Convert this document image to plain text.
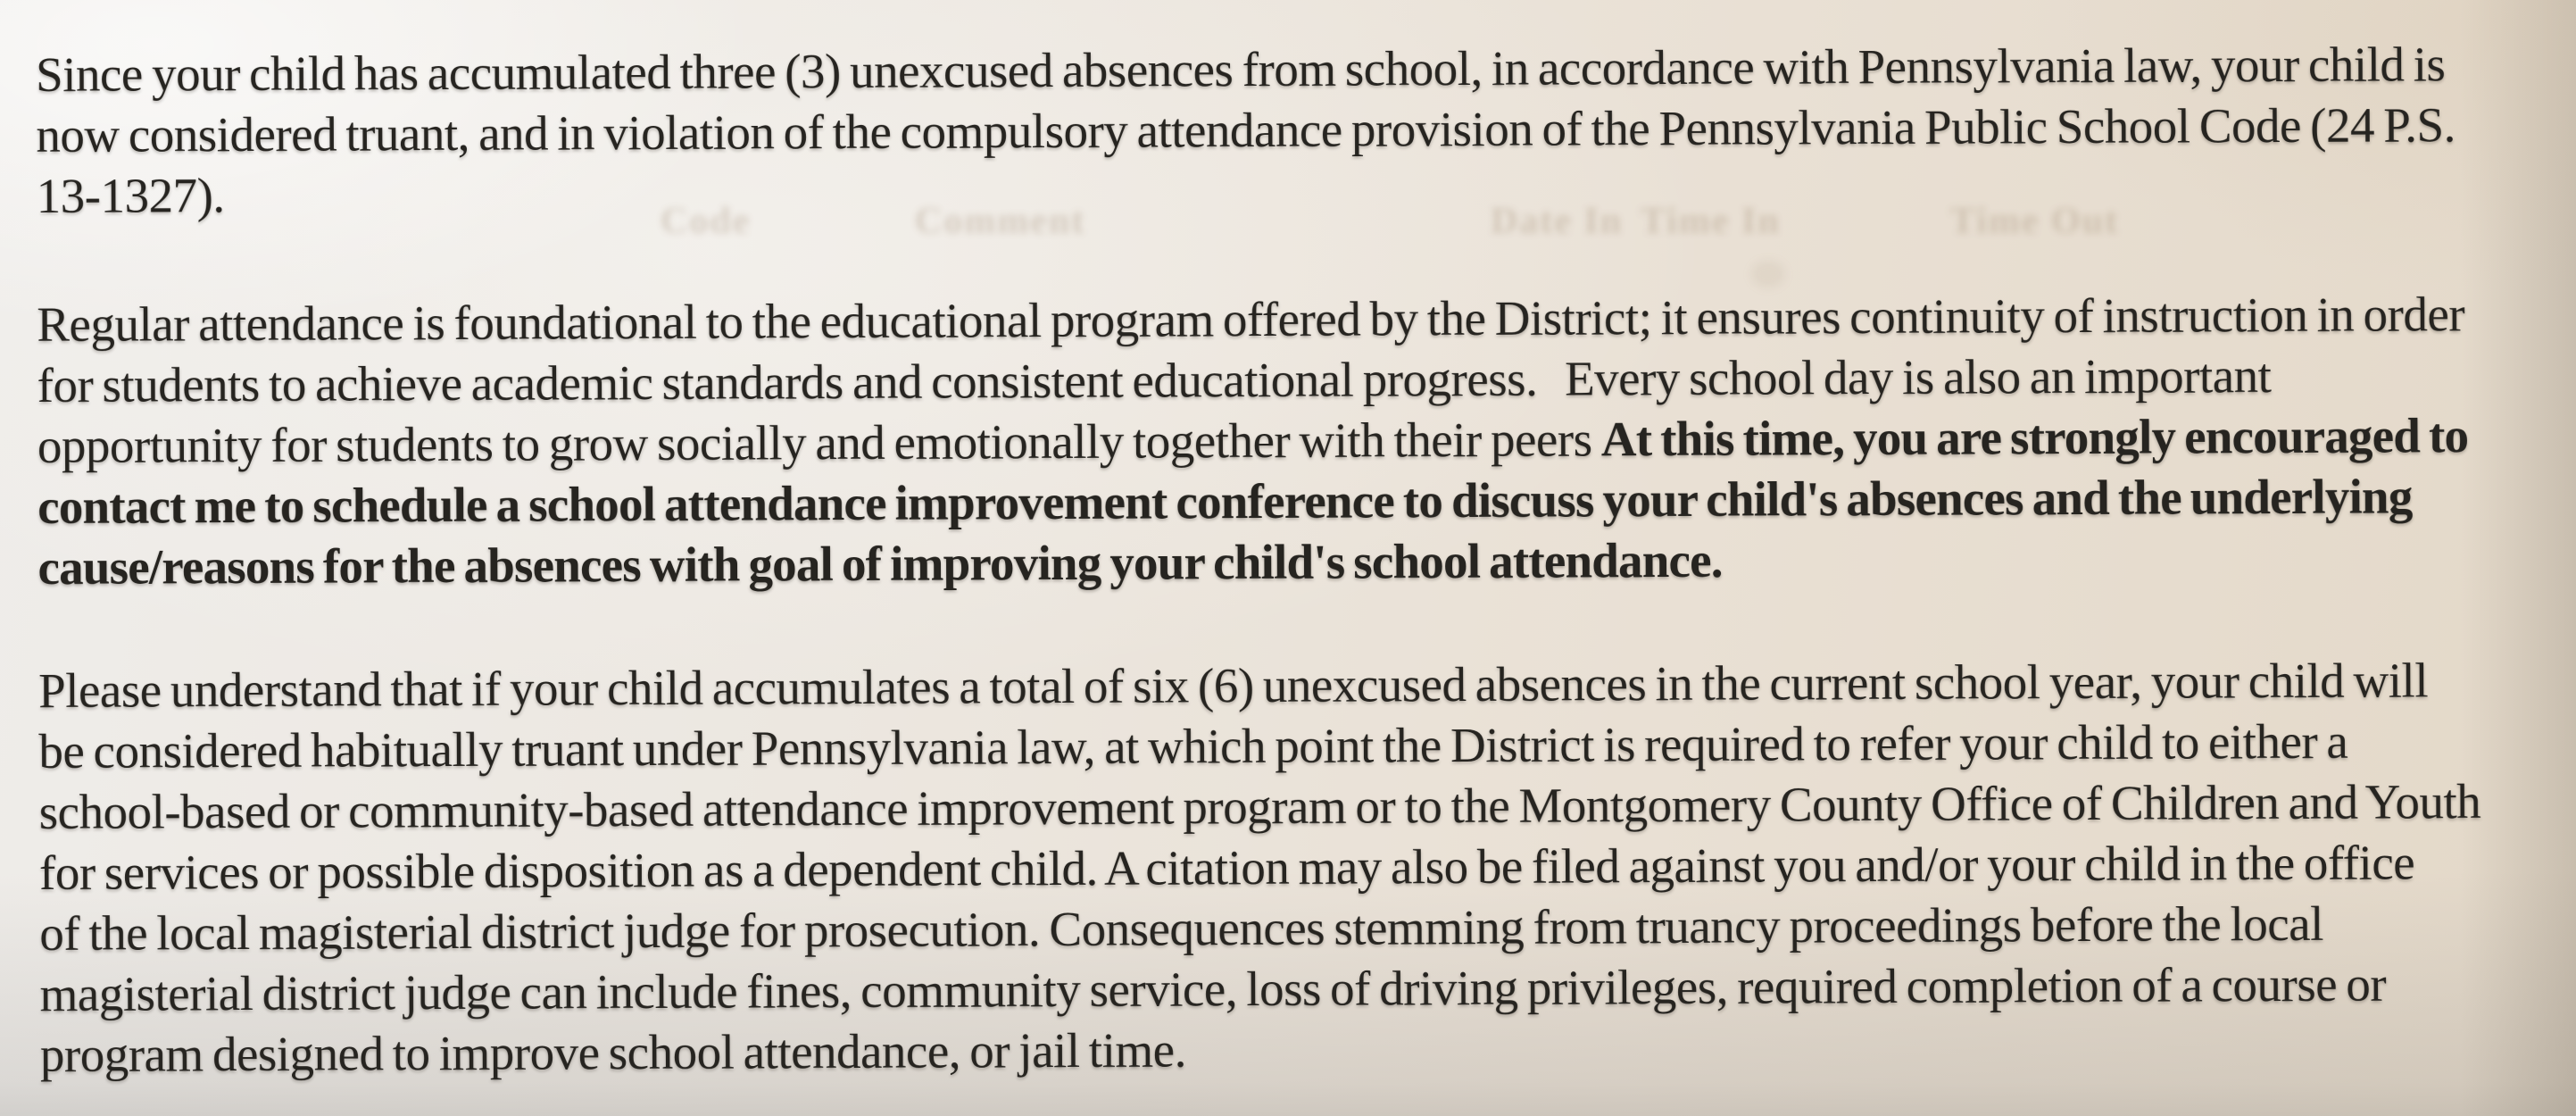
Code	Comment	Date In Time In	Time Out
Since your child has accumulated three (3) unexcused absences from school, in accordance with Pennsylvania law, your child is
now considered truant, and in violation of the compulsory attendance provision of the Pennsylvania Public School Code (24 P.S.
13-1327).
Regular attendance is foundational to the educational program offered by the District; it ensures continuity of instruction in order
for students to achieve academic standards and consistent educational progress.   Every school day is also an important
opportunity for students to grow socially and emotionally together with their peers At this time, you are strongly encouraged to
contact me to schedule a school attendance improvement conference to discuss your child's absences and the underlying
cause/reasons for the absences with goal of improving your child's school attendance.
Please understand that if your child accumulates a total of six (6) unexcused absences in the current school year, your child will
be considered habitually truant under Pennsylvania law, at which point the District is required to refer your child to either a
school-based or community-based attendance improvement program or to the Montgomery County Office of Children and Youth
for services or possible disposition as a dependent child. A citation may also be filed against you and/or your child in the office
of the local magisterial district judge for prosecution. Consequences stemming from truancy proceedings before the local
magisterial district judge can include fines, community service, loss of driving privileges, required completion of a course or
program designed to improve school attendance, or jail time.
